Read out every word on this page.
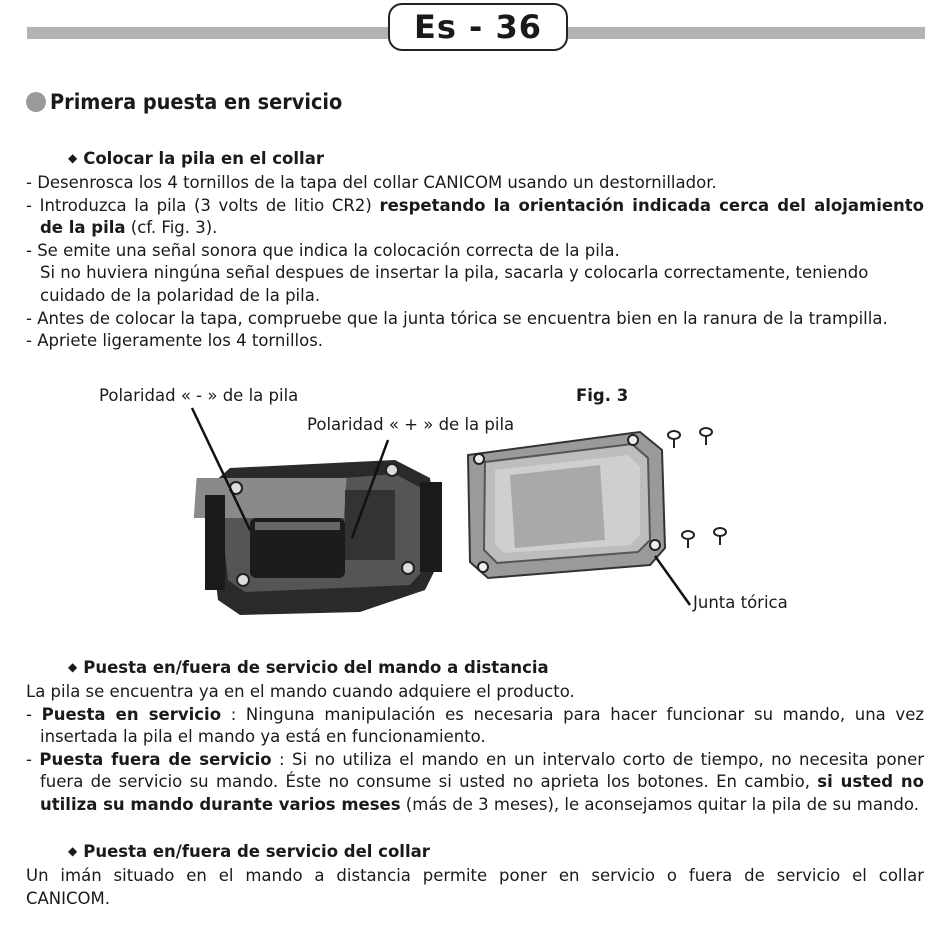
Es - 36
Primera puesta en servicio
◆ Colocar la pila en el collar
- Desenrosca los 4 tornillos de la tapa del collar CANICOM usando un destornillador.
- Introduzca la pila (3 volts de litio CR2) respetando la orientación indicada cerca del alojamiento
de la pila (cf. Fig. 3).
- Se emite una señal sonora que indica la colocación correcta de la pila.
Si no huviera ningúna señal despues de insertar la pila, sacarla y colocarla correctamente, teniendo
cuidado de la polaridad de la pila.
- Antes de colocar la tapa, compruebe que la junta tórica se encuentra bien en la ranura de la trampilla.
- Apriete ligeramente los 4 tornillos.
Polaridad « - » de la pila
Polaridad « + » de la pila
Fig. 3
Junta tórica
◆ Puesta en/fuera de servicio del mando a distancia
La pila se encuentra ya en el mando cuando adquiere el producto.
- Puesta en servicio : Ninguna manipulación es necesaria para hacer funcionar su mando, una vez
insertada la pila el mando ya está en funcionamiento.
- Puesta fuera de servicio : Si no utiliza el mando en un intervalo corto de tiempo, no necesita poner
fuera de servicio su mando. Éste no consume si usted no aprieta los botones. En cambio, si usted no
utiliza su mando durante varios meses (más de 3 meses), le aconsejamos quitar la pila de su mando.
◆ Puesta en/fuera de servicio del collar
Un imán situado en el mando a distancia permite poner en servicio o fuera de servicio el collar
CANICOM.
